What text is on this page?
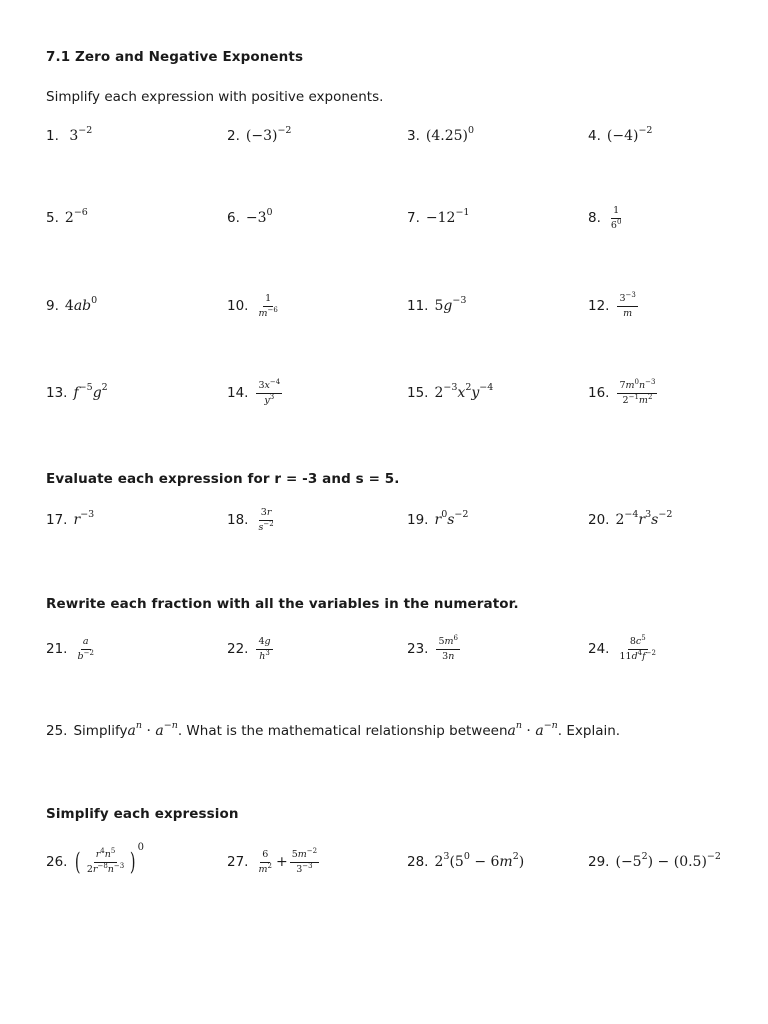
7.1 Zero and Negative Exponents
Simplify each expression with positive exponents.
1. $3^{-2}$	2. $(-3)^{-2}$	3. $(4.25)^0$	4. $(-4)^{-2}$
5. $2^{-6}$	6. $-3^0$	7. $-12^{-1}$	8. $\frac{1}{6^0}$
9. $4ab^0$	10. $\frac{1}{m^{-6}}$	11. $5g^{-3}$	12. $\frac{3^{-3}}{m}$
13. $f^{-5}g^2$	14. $\frac{3x^{-4}}{y^3}$	15. $2^{-3}x^2y^{-4}$	16. $\frac{7m^0n^{-3}}{2^{-1}m^2}$
Evaluate each expression for r = -3 and s = 5.
17. $r^{-3}$	18. $\frac{3r}{s^{-2}}$	19. $r^0s^{-2}$	20. $2^{-4}r^3s^{-2}$
Rewrite each fraction with all the variables in the numerator.
21. $\frac{a}{b^{-2}}$	22. $\frac{4g}{h^3}$	23. $\frac{5m^6}{3n}$	24. $\frac{8c^5}{11d^4f^{-2}}$
25. Simplify $a^n \cdot a^{-n}$ . What is the mathematical relationship between $a^n \cdot a^{-n}$ . Explain.
Simplify each expression
26. ( $\frac{r^4n^5}{2r^{-8}n^{-3}}$ )
0
27. $\frac{6}{m^2} + \frac{5m^{-2}}{3^{-3}}$	28. $2^3(5^0 - 6m^2)$	29. $(-5^2) - (0.5)^{-2}$
